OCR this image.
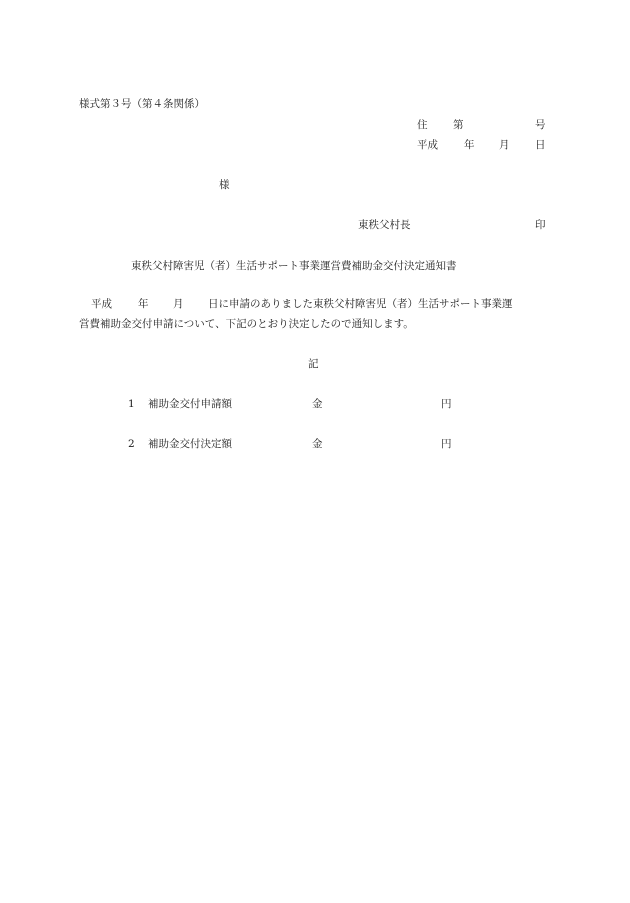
様式第３号（第４条関係）
住 第	号
平成 年 月 日
様
東秩父村長	印
東秩父村障害児（者）生活サポート事業運営費補助金交付決定通知書
平成 年 月 日に申請のありました東秩父村障害児（者）生活サポート事業運
営費補助金交付申請について、下記のとおり決定したので通知します。
記
1 補助金交付申請額	金	円
2 補助金交付決定額	金	円
